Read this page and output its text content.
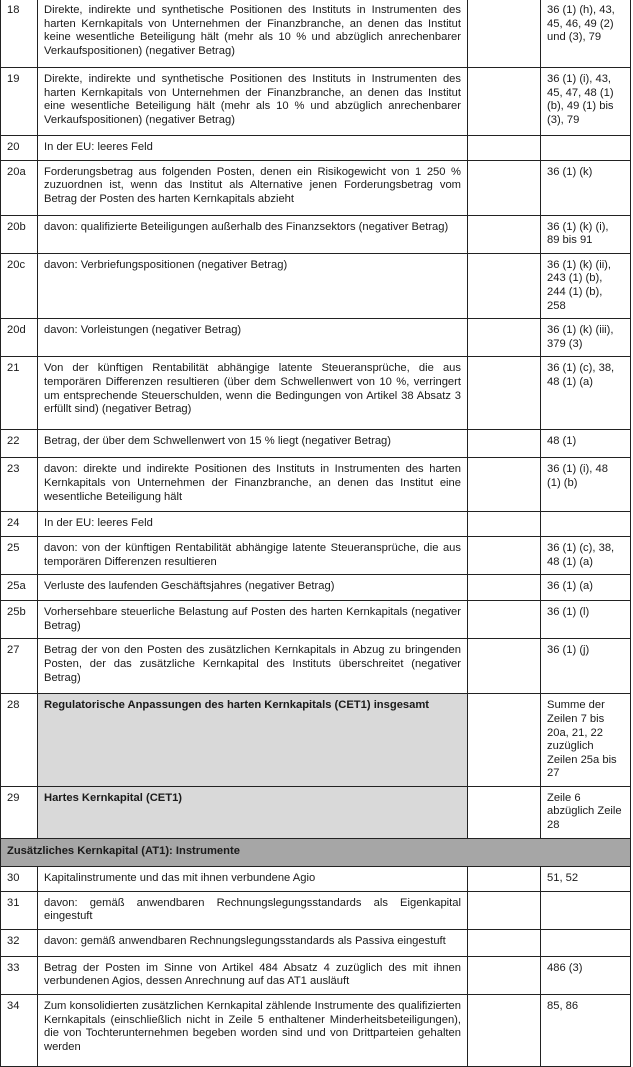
18	Direkte, indirekte und synthetische Positionen des Instituts in Instrumenten des harten Kernkapitals von Unternehmen der Finanzbranche, an denen das Institut keine wesentliche Beteiligung hält (mehr als 10 % und abzüglich anrechenbarer Verkaufspositionen) (negativer Betrag)		36 (1) (h), 43, 45, 46, 49 (2) und (3), 79
19	Direkte, indirekte und synthetische Positionen des Instituts in Instrumenten des harten Kernkapitals von Unternehmen der Finanzbranche, an denen das Institut eine wesentliche Beteiligung hält (mehr als 10 % und abzüglich anrechenbarer Verkaufspositionen) (negativer Betrag)		36 (1) (i), 43, 45, 47, 48 (1) (b), 49 (1) bis (3), 79
20	In der EU: leeres Feld		
20a	Forderungsbetrag aus folgenden Posten, denen ein Risikogewicht von 1 250 % zuzuordnen ist, wenn das Institut als Alternative jenen Forderungsbetrag vom Betrag der Posten des harten Kernkapitals abzieht		36 (1) (k)
20b	davon: qualifizierte Beteiligungen außerhalb des Finanzsektors (negativer Betrag)		36 (1) (k) (i), 89 bis 91
20c	davon: Verbriefungspositionen (negativer Betrag)		36 (1) (k) (ii), 243 (1) (b), 244 (1) (b), 258
20d	davon: Vorleistungen (negativer Betrag)		36 (1) (k) (iii), 379 (3)
21	Von der künftigen Rentabilität abhängige latente Steueransprüche, die aus temporären Differenzen resultieren (über dem Schwellenwert von 10 %, verringert um entsprechende Steuerschulden, wenn die Bedingungen von Artikel 38 Absatz 3 erfüllt sind) (negativer Betrag)		36 (1) (c), 38, 48 (1) (a)
22	Betrag, der über dem Schwellenwert von 15 % liegt (negativer Betrag)		48 (1)
23	davon: direkte und indirekte Positionen des Instituts in Instrumenten des harten Kernkapitals von Unternehmen der Finanzbranche, an denen das Institut eine wesentliche Beteiligung hält		36 (1) (i), 48 (1) (b)
24	In der EU: leeres Feld		
25	davon: von der künftigen Rentabilität abhängige latente Steueransprüche, die aus temporären Differenzen resultieren		36 (1) (c), 38, 48 (1) (a)
25a	Verluste des laufenden Geschäftsjahres (negativer Betrag)		36 (1) (a)
25b	Vorhersehbare steuerliche Belastung auf Posten des harten Kernkapitals (negativer Betrag)		36 (1) (l)
27	Betrag der von den Posten des zusätzlichen Kernkapitals in Abzug zu bringenden Posten, der das zusätzliche Kernkapital des Instituts überschreitet (negativer Betrag)		36 (1) (j)
28	Regulatorische Anpassungen des harten Kernkapitals (CET1) insgesamt		Summe der Zeilen 7 bis 20a, 21, 22 zuzüglich Zeilen 25a bis 27
29	Hartes Kernkapital (CET1)		Zeile 6 abzüglich Zeile 28
Zusätzliches Kernkapital (AT1): Instrumente			
30	Kapitalinstrumente und das mit ihnen verbundene Agio		51, 52
31	davon: gemäß anwendbaren Rechnungslegungsstandards als Eigenkapital eingestuft		
32	davon: gemäß anwendbaren Rechnungslegungsstandards als Passiva eingestuft		
33	Betrag der Posten im Sinne von Artikel 484 Absatz 4 zuzüglich des mit ihnen verbundenen Agios, dessen Anrechnung auf das AT1 ausläuft		486 (3)
34	Zum konsolidierten zusätzlichen Kernkapital zählende Instrumente des qualifizierten Kernkapitals (einschließlich nicht in Zeile 5 enthaltener Minderheitsbeteiligungen), die von Tochterunternehmen begeben worden sind und von Drittparteien gehalten werden		85, 86
